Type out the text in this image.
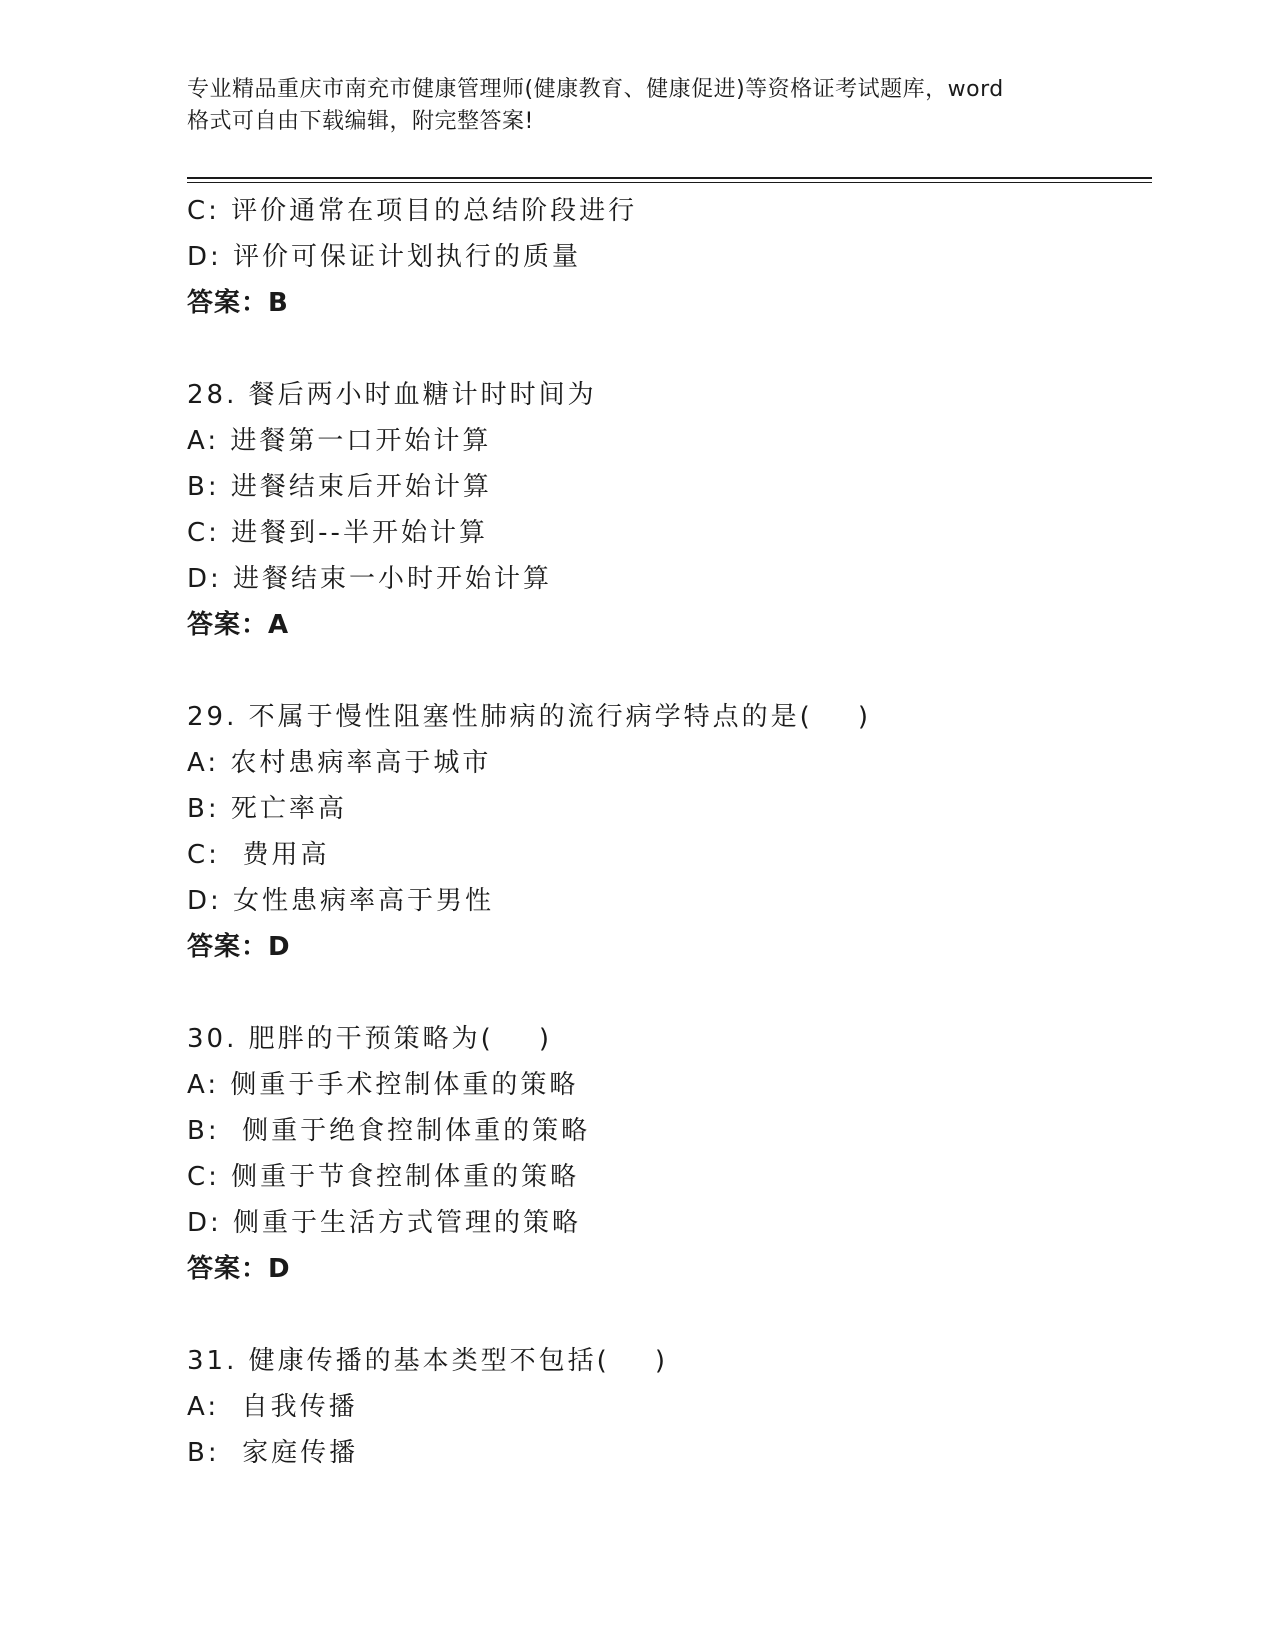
专业精品重庆市南充市健康管理师(健康教育、健康促进)等资格证考试题库，word
格式可自由下载编辑，附完整答案!
C: 评价通常在项目的总结阶段进行
D: 评价可保证计划执行的质量
答案：B
28. 餐后两小时血糖计时时间为
A: 进餐第一口开始计算
B: 进餐结束后开始计算
C: 进餐到--半开始计算
D: 进餐结束一小时开始计算
答案：A
29. 不属于慢性阻塞性肺病的流行病学特点的是(    )
A: 农村患病率高于城市
B: 死亡率高
C:  费用高
D: 女性患病率高于男性
答案：D
30. 肥胖的干预策略为(    )
A: 侧重于手术控制体重的策略
B:  侧重于绝食控制体重的策略
C: 侧重于节食控制体重的策略
D: 侧重于生活方式管理的策略
答案：D
31. 健康传播的基本类型不包括(    )
A:  自我传播
B:  家庭传播
